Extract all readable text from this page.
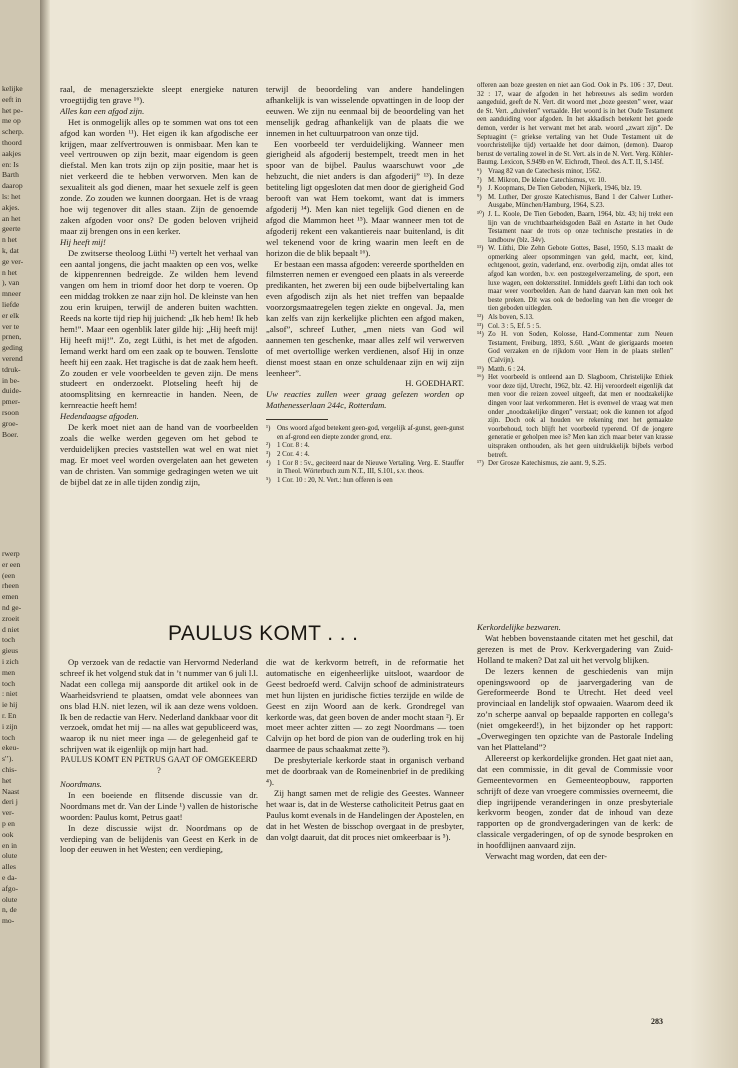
kelijke
eeft in
het pe-
me op
scherp.
thoord
aakjes
en: Is
Barth
daarop
ls: het
akjes.
an het
geerte
n het
k, dat
ge ver-
n het
), van
mneer
liefde
er elk
ver te
prnen,
geding
verend
tdruk-
in be-
duide-
pmer-
rsoon
groe-
Boer.
rwerp
er een
(een
rheen
emen
nd ge-
zroeit
d niet
toch
gieus
i zich
men
toch
: niet
ie hij
r. En
i zijn
toch
ekeu-
s'’).
chis-
het
Naast
deri j
ver-
p en
ook
en in
olute
alles
e da-
afgo-
olute
n, de
mo-

raal, de menagersziekte sleept energieke naturen vroegtijdig ten grave ¹⁶).

Alles kan een afgod zijn.

Het is onmogelijk alles op te sommen wat ons tot een afgod kan worden ¹¹). Het eigen ik kan afgodische eer krijgen, maar zelfvertrouwen is onmisbaar. Men kan te veel vertrouwen op zijn bezit, maar eigendom is geen diefstal. Men kan trots zijn op zijn positie, maar het is niet verkeerd die te hebben verworven. Men kan de sexualiteit als god dienen, maar het sexuele zelf is geen zonde. Zo zouden we kunnen doorgaan. Het is de vraag hoe wij tegenover dit alles staan. Zijn de genoemde zaken afgoden voor ons? De goden beloven vrijheid maar zij brengen ons in een kerker.

Hij heeft mij!

De zwitserse theoloog Lüthi ¹²) vertelt het verhaal van een aantal jongens, die jacht maakten op een vos, welke de kippenrennen bedreigde. Ze wilden hem levend vangen om hem in triomf door het dorp te voeren. Op een middag trokken ze naar zijn hol. De kleinste van hen zou erin kruipen, terwijl de anderen buiten wachtten. Reeds na korte tijd riep hij juichend: „Ik heb hem! Ik heb hem!”. Maar een ogenblik later gilde hij: „Hij heeft mij! Hij heeft mij!”. Zo, zegt Lüthi, is het met de afgoden. Iemand werkt hard om een zaak op te bouwen. Tenslotte heeft hij een zaak. Het tragische is dat de zaak hem heeft. Zo zouden er vele voorbeelden te geven zijn. De mens studeert en onderzoekt. Plotseling heeft hij de atoomsplitsing en kernreactie in handen. Neen, de kernreactie heeft hem!

Hedendaagse afgoden.

De kerk moet niet aan de hand van de voorbeelden zoals die welke werden gegeven om het gebod te verduidelijken precies vaststellen wat wel en wat niet mag. Er moet veel worden overgelaten aan het geweten van de christen. Van sommige gedragingen weten we uit de bijbel dat ze in alle tijden zondig zijn,

terwijl de beoordeling van andere handelingen afhankelijk is van wisselende opvattingen in de loop der eeuwen. We zijn nu eenmaal bij de beoordeling van het menselijk gedrag afhankelijk van de plaats die we innemen in het cultuurpatroon van onze tijd.

Een voorbeeld ter verduidelijking. Wanneer men gierigheid als afgoderij bestempelt, treedt men in het spoor van de bijbel. Paulus waarschuwt voor „de hebzucht, die niet anders is dan afgoderij” ¹³). In deze betiteling ligt opgesloten dat men door de gierigheid God berooft van wat Hem toekomt, want dat is immers afgoderij ¹⁴). Men kan niet tegelijk God dienen en de afgod die Mammon heet ¹⁵). Maar wanneer men tot de afgoderij rekent een vakantiereis naar buitenland, is dit wel tekenend voor de kring waarin men leeft en de horizon die de blik bepaalt ¹⁶).

Er bestaan een massa afgoden: vereerde sporthelden en filmsterren nemen er evengoed een plaats in als vereerde predikanten, het zweren bij een oude bijbelvertaling kan even afgodisch zijn als het niet treffen van bepaalde voorzorgsmaatregelen tegen ziekte en ongeval. Ja, men kan zelfs van zijn kerkelijke plichten een afgod maken, „alsof”, schreef Luther, „men niets van God wil aannemen ten geschenke, maar alles zelf wil verwerven of met overtollige werken verdienen, alsof Hij in onze dienst moest staan en onze schuldenaar zijn en wij zijn leenheer”.

H. GOEDHART.

Uw reacties zullen weer graag gelezen worden op Mathenesserlaan 244c, Rotterdam.

¹) Ons woord afgod betekent geen-god, vergelijk af-gunst, geen-gunst en af-grond een diepte zonder grond, enz.

²) 1 Cor. 8 : 4.

³) 2 Cor. 4 : 4.

⁴) 1 Cor 8 : 5v., geciteerd naar de Nieuwe Vertaling. Verg. E. Stauffer in Theol. Wörterbuch zum N.T., III, S.101, s.v. theos.

⁵) 1 Cor. 10 : 20, N. Vert.: hun offeren is een

offeren aan boze geesten en niet aan God. Ook in Ps. 106 : 37, Deut. 32 : 17, waar de afgoden in het hebreeuws als sedim worden aangeduid, geeft de N. Vert. dit woord met „boze geesten” weer, waar de St. Vert. „duivelen” vertaalde. Het woord is in het Oude Testament een aanduiding voor afgoden. In het akkadisch betekent het goede demon, verder is het verwant met het arab. woord „zwart zijn”. De Septuagint (= griekse vertaling van het Oude Testament uit de voorchristelijke tijd) vertaalde het door daimon, (demon). Daarop berust de vertaling zowel in de St. Vert. als in de N. Vert. Verg. Köhler-Baumg. Lexicon, S.949b en W. Eichrodt, Theol. des A.T. II, S.145f.

⁶) Vraag 82 van de Catechesis minor, 1562.

⁷) M. Mikron, De kleine Catechismus, vr. 10.

⁸) J. Koopmans, De Tien Geboden, Nijkerk, 1946, blz. 19.

⁹) M. Luther, Der grosze Katechismus, Band 1 der Calwer Luther-Ausgabe, München/Hamburg, 1964, S.23.

¹⁰) J. L. Koole, De Tien Geboden, Baarn, 1964, blz. 43; hij trekt een lijn van de vruchtbaarheidsgoden Baäl en Astarte in het Oude Testament naar de trots op onze technische prestaties in de landbouw (blz. 34v).

¹¹) W. Lüthi, Die Zehn Gebote Gottes, Basel, 1950, S.13 maakt de opmerking aleer opsommingen van geld, macht, eer, kind, echtgenoot, gezin, vaderland, enz. overbodig zijn, omdat alles tot afgod kan worden, b.v. een postzegelverzameling, de sport, een luxe wagen, een doktersstitel. Inmiddels geeft Lüthi dan toch ook maar weer voorbeelden. Aan de hand daarvan kan men ook het beste preken. Dit was ook de bedoeling van hen die vroeger de tien geboden uitlegden.

¹²) Als boven, S.13.

¹³) Col. 3 : 5, Ef. 5 : 5.

¹⁴) Zo H. von Soden, Kolosse, Hand-Commentar zum Neuen Testament, Freiburg, 1893, S.60. „Want de gierigaards moeten God verzaken en de rijkdom voor Hem in de plaats stellen” (Calvijn).

¹⁵) Matth. 6 : 24.

¹⁶) Het voorbeeld is ontleend aan D. Slagboom, Christelijke Ethiek voor deze tijd, Utrecht, 1962, blz. 42. Hij veroordeelt eigenlijk dat men voor die reizen zoveel uitgeeft, dat men er noodzakelijke dingen voor laat verkommeren. Het is evenwel de vraag wat men onder „noodzakelijke dingen” verstaat; ook die kunnen tot afgod zijn. Doch ook al houden we rekening met het gemaakte voorbehoud, toch blijft het voorbeeld typerend. Of de jongere generatie er geholpen mee is? Men kan zich maar beter van krasse uitspraken onthouden, als het geen uitdrukkelijk bijbels verbod betreft.

¹⁷) Der Grosze Katechismus, zie aant. 9, S.25.

PAULUS KOMT . . .

Op verzoek van de redactie van Hervormd Nederland schreef ik het volgend stuk dat in ’t nummer van 6 juli l.l. Nadat een collega mij aansporde dit artikel ook in de Waarheidsvriend te plaatsen, omdat vele abonnees van ons blad H.N. niet lezen, wil ik aan deze wens voldoen. Ik ben de redactie van Herv. Nederland dankbaar voor dit verzoek, omdat het mij — na alles wat gepubliceerd was, waarop ik nu niet meer inga — de gelegenheid gaf te schrijven wat ik eigenlijk op mijn hart had.

PAULUS KOMT EN PETRUS GAAT OF OMGEKEERD ?

Noordmans.

In een boeiende en flitsende discussie van dr. Noordmans met dr. Van der Linde ¹) vallen de historische woorden: Paulus komt, Petrus gaat!

In deze discussie wijst dr. Noordmans op de verdieping van de belijdenis van Geest en Kerk in de loop der eeuwen in het Westen; een verdieping,

die wat de kerkvorm betreft, in de reformatie het automatische en eigenheerlijke uitsloot, waardoor de Geest bedroefd werd. Calvijn schoof de administrateurs met hun lijsten en juridische ficties terzijde en wilde de Geest en zijn Woord aan de kerk. Grondregel van kerkorde was, dat geen boven de ander mocht staan ²). Er moet meer achter zitten — zo zegt Noordmans — toen Calvijn op het bord de pion van de ouderling trok en hij daarmee de paus schaakmat zette ³).

De presbyteriale kerkorde staat in organisch verband met de doorbraak van de Romeinenbrief in de prediking ⁴).

Zij hangt samen met de religie des Geestes. Wanneer het waar is, dat in de Westerse catholiciteit Petrus gaat en Paulus komt evenals in de Handelingen der Apostelen, en dat in het Westen de bisschop overgaat in de presbyter, dan volgt daaruit, dat dit proces niet omkeerbaar is ⁵).

Kerkordelijke bezwaren.

Wat hebben bovenstaande citaten met het geschil, dat gerezen is met de Prov. Kerkvergadering van Zuid-Holland te maken? Dat zal uit het vervolg blijken.

De lezers kennen de geschiedenis van mijn openingswoord op de jaarvergadering van de Gereformeerde Bond te Utrecht. Het deed veel provinciaal en landelijk stof opwaaien. Waarom deed ik zo’n scherpe aanval op bepaalde rapporten en collega’s (niet omgekeerd!), in het bijzonder op het rapport: „Overwegingen ten opzichte van de Pastorale Indeling van het Platteland”?

Allereerst op kerkordelijke gronden. Het gaat niet aan, dat een commissie, in dit geval de Commissie voor Gemeentevormen en Gemeenteopbouw, rapporten schrijft of deze van vroegere commissies overneemt, die diep ingrijpende veranderingen in onze presbyteriale kerkvorm beogen, zonder dat de inhoud van deze rapporten op de grondvergaderingen van de kerk: de classicale vergaderingen, of op de synode besproken en in hoofdlijnen aanvaard zijn.

Verwacht mag worden, dat een der-

283
